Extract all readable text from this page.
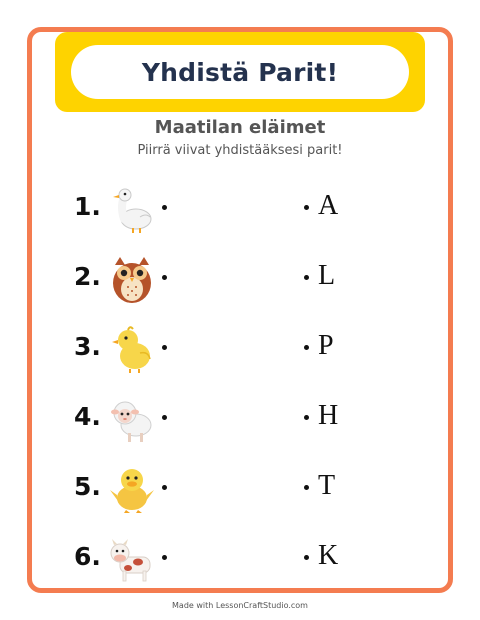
Yhdistä Parit!
Maatilan eläimet
Piirrä viivat yhdistääksesi parit!
1.	A
2.	L
3.	P
4.	H
5.	T
6.	K
Made with LessonCraftStudio.com
